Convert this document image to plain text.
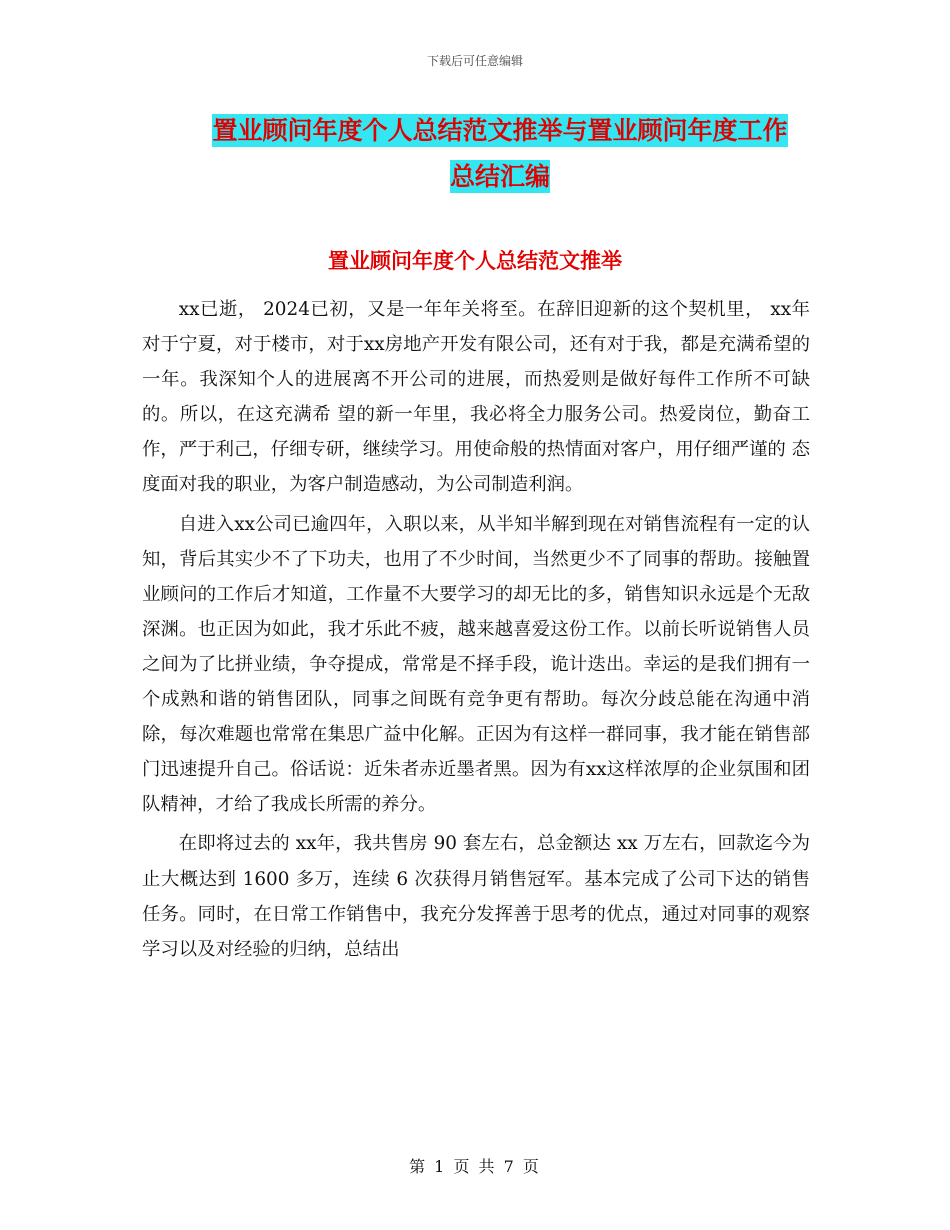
下载后可任意编辑
置业顾问年度个人总结范文推举与置业顾问年度工作
总结汇编
置业顾问年度个人总结范文推举

xx已逝， 2024已初，又是一年年关将至。在辞旧迎新的这个契机里， xx年对于宁夏，对于楼市，对于xx房地产开发有限公司，还有对于我，都是充满希望的一年。我深知个人的进展离不开公司的进展，而热爱则是做好每件工作所不可缺的。所以，在这充满希 望的新一年里，我必将全力服务公司。热爱岗位，勤奋工作，严于利己，仔细专研，继续学习。用使命般的热情面对客户，用仔细严谨的 态度面对我的职业，为客户制造感动，为公司制造利润。

自进入xx公司已逾四年，入职以来，从半知半解到现在对销售流程有一定的认知，背后其实少不了下功夫，也用了不少时间，当然更少不了同事的帮助。接触置业顾问的工作后才知道，工作量不大要学习的却无比的多，销售知识永远是个无敌深渊。也正因为如此，我才乐此不疲，越来越喜爱这份工作。以前长听说销售人员之间为了比拼业绩，争夺提成，常常是不择手段，诡计迭出。幸运的是我们拥有一个成熟和谐的销售团队，同事之间既有竞争更有帮助。每次分歧总能在沟通中消除，每次难题也常常在集思广益中化解。正因为有这样一群同事，我才能在销售部门迅速提升自己。俗话说：近朱者赤近墨者黑。因为有xx这样浓厚的企业氛围和团队精神，才给了我成长所需的养分。

在即将过去的 xx年，我共售房 90 套左右，总金额达 xx 万左右，回款迄今为止大概达到 1600 多万，连续 6 次获得月销售冠军。基本完成了公司下达的销售任务。同时，在日常工作销售中，我充分发挥善于思考的优点，通过对同事的观察学习以及对经验的归纳，总结出

第 1 页 共 7 页
